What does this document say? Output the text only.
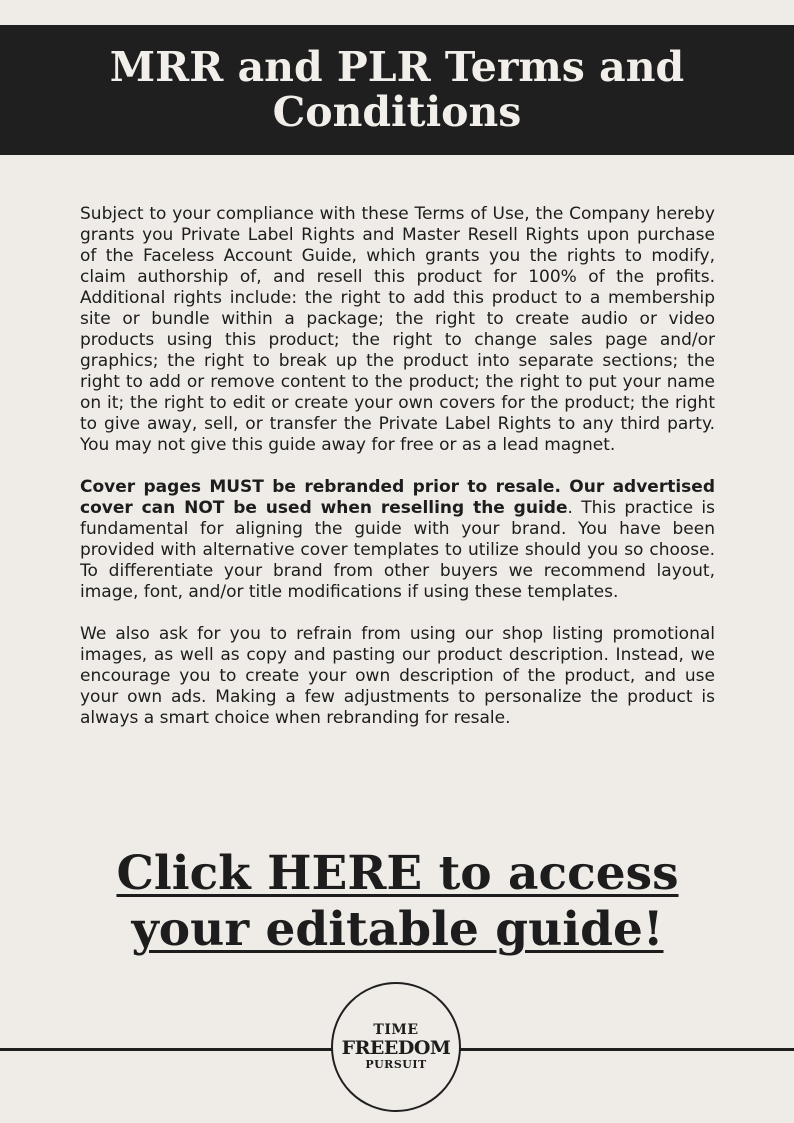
MRR and PLR Terms and Conditions

Subject to your compliance with these Terms of Use, the Company hereby grants you Private Label Rights and Master Resell Rights upon purchase of the Faceless Account Guide, which grants you the rights to modify, claim authorship of, and resell this product for 100% of the profits. Additional rights include: the right to add this product to a membership site or bundle within a package; the right to create audio or video products using this product; the right to change sales page and/or graphics; the right to break up the product into separate sections; the right to add or remove content to the product; the right to put your name on it; the right to edit or create your own covers for the product; the right to give away, sell, or transfer the Private Label Rights to any third party. You may not give this guide away for free or as a lead magnet.

Cover pages MUST be rebranded prior to resale. Our advertised cover can NOT be used when reselling the guide. This practice is fundamental for aligning the guide with your brand. You have been provided with alternative cover templates to utilize should you so choose. To differentiate your brand from other buyers we recommend layout, image, font, and/or title modifications if using these templates.

We also ask for you to refrain from using our shop listing promotional images, as well as copy and pasting our product description. Instead, we encourage you to create your own description of the product, and use your own ads. Making a few adjustments to personalize the product is always a smart choice when rebranding for resale.

Click HERE to access
your editable guide!
TIME
FREEDOM
PURSUIT
